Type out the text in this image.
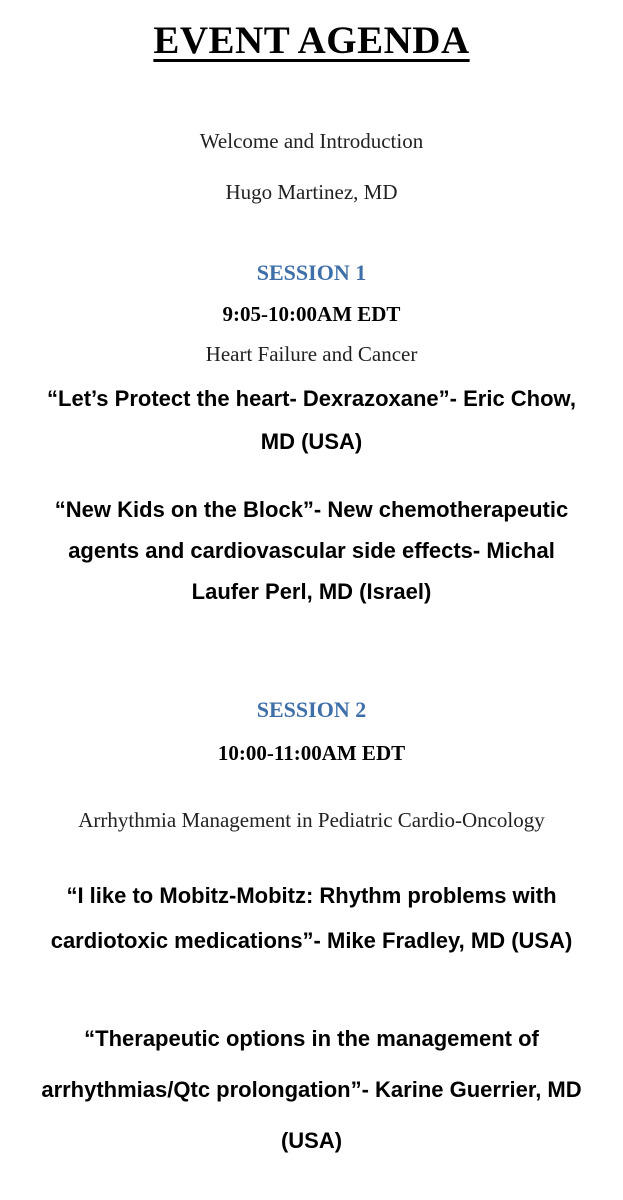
EVENT AGENDA
Welcome and Introduction
Hugo Martinez, MD
SESSION 1
9:05-10:00AM EDT
Heart Failure and Cancer
“Let’s Protect the heart- Dexrazoxane”- Eric Chow, MD (USA)
“New Kids on the Block”- New chemotherapeutic agents and cardiovascular side effects- Michal Laufer Perl, MD (Israel)
SESSION 2
10:00-11:00AM EDT
Arrhythmia Management in Pediatric Cardio-Oncology
“I like to Mobitz-Mobitz: Rhythm problems with cardiotoxic medications”- Mike Fradley, MD (USA)
“Therapeutic options in the management of arrhythmias/Qtc prolongation”- Karine Guerrier, MD (USA)
